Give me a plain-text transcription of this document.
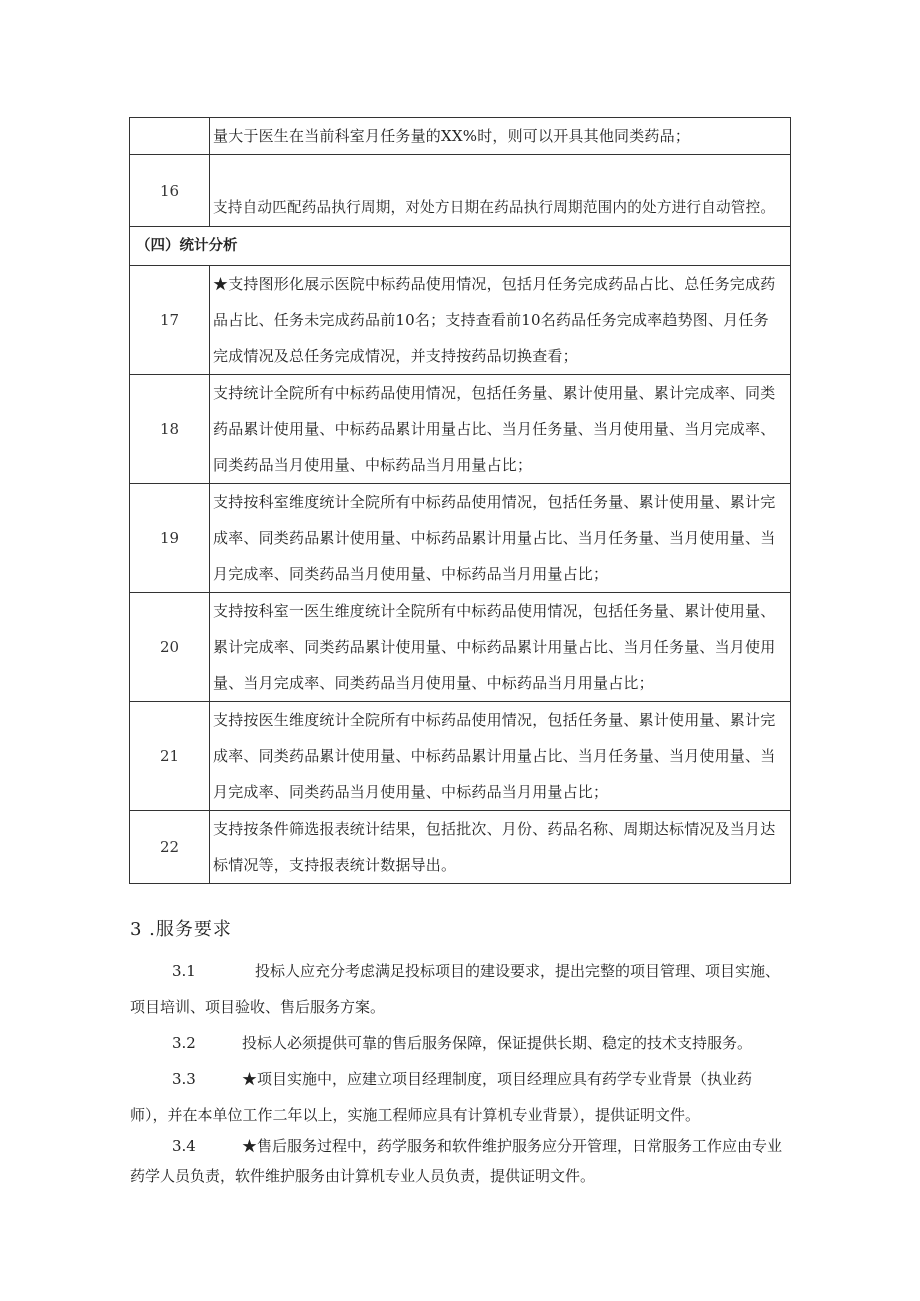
	量大于医生在当前科室月任务量的XX%时，则可以开具其他同类药品；

16	支持自动匹配药品执行周期，对处方日期在药品执行周期范围内的处方进行自动管控。

（四）统计分析	
17	★支持图形化展示医院中标药品使用情况，包括月任务完成药品占比、总任务完成药
品占比、任务未完成药品前10名；支持查看前10名药品任务完成率趋势图、月任务
完成情况及总任务完成情况，并支持按药品切换查看；

18	支持统计全院所有中标药品使用情况，包括任务量、累计使用量、累计完成率、同类
药品累计使用量、中标药品累计用量占比、当月任务量、当月使用量、当月完成率、
同类药品当月使用量、中标药品当月用量占比；

19	支持按科室维度统计全院所有中标药品使用情况，包括任务量、累计使用量、累计完
成率、同类药品累计使用量、中标药品累计用量占比、当月任务量、当月使用量、当
月完成率、同类药品当月使用量、中标药品当月用量占比；

20	支持按科室一医生维度统计全院所有中标药品使用情况，包括任务量、累计使用量、
累计完成率、同类药品累计使用量、中标药品累计用量占比、当月任务量、当月使用
量、当月完成率、同类药品当月使用量、中标药品当月用量占比；

21	支持按医生维度统计全院所有中标药品使用情况，包括任务量、累计使用量、累计完
成率、同类药品累计使用量、中标药品累计用量占比、当月任务量、当月使用量、当
月完成率、同类药品当月使用量、中标药品当月用量占比；

22	支持按条件筛选报表统计结果，包括批次、月份、药品名称、周期达标情况及当月达
标情况等，支持报表统计数据导出。
3 .服务要求
3.1	投标人应充分考虑满足投标项目的建设要求，提出完整的项目管理、项目实施、
项目培训、项目验收、售后服务方案。
3.2	投标人必须提供可靠的售后服务保障，保证提供长期、稳定的技术支持服务。
3.3	★项目实施中，应建立项目经理制度，项目经理应具有药学专业背景（执业药
师），并在本单位工作二年以上，实施工程师应具有计算机专业背景），提供证明文件。
3.4	★售后服务过程中，药学服务和软件维护服务应分开管理，日常服务工作应由专业
药学人员负责，软件维护服务由计算机专业人员负责，提供证明文件。
